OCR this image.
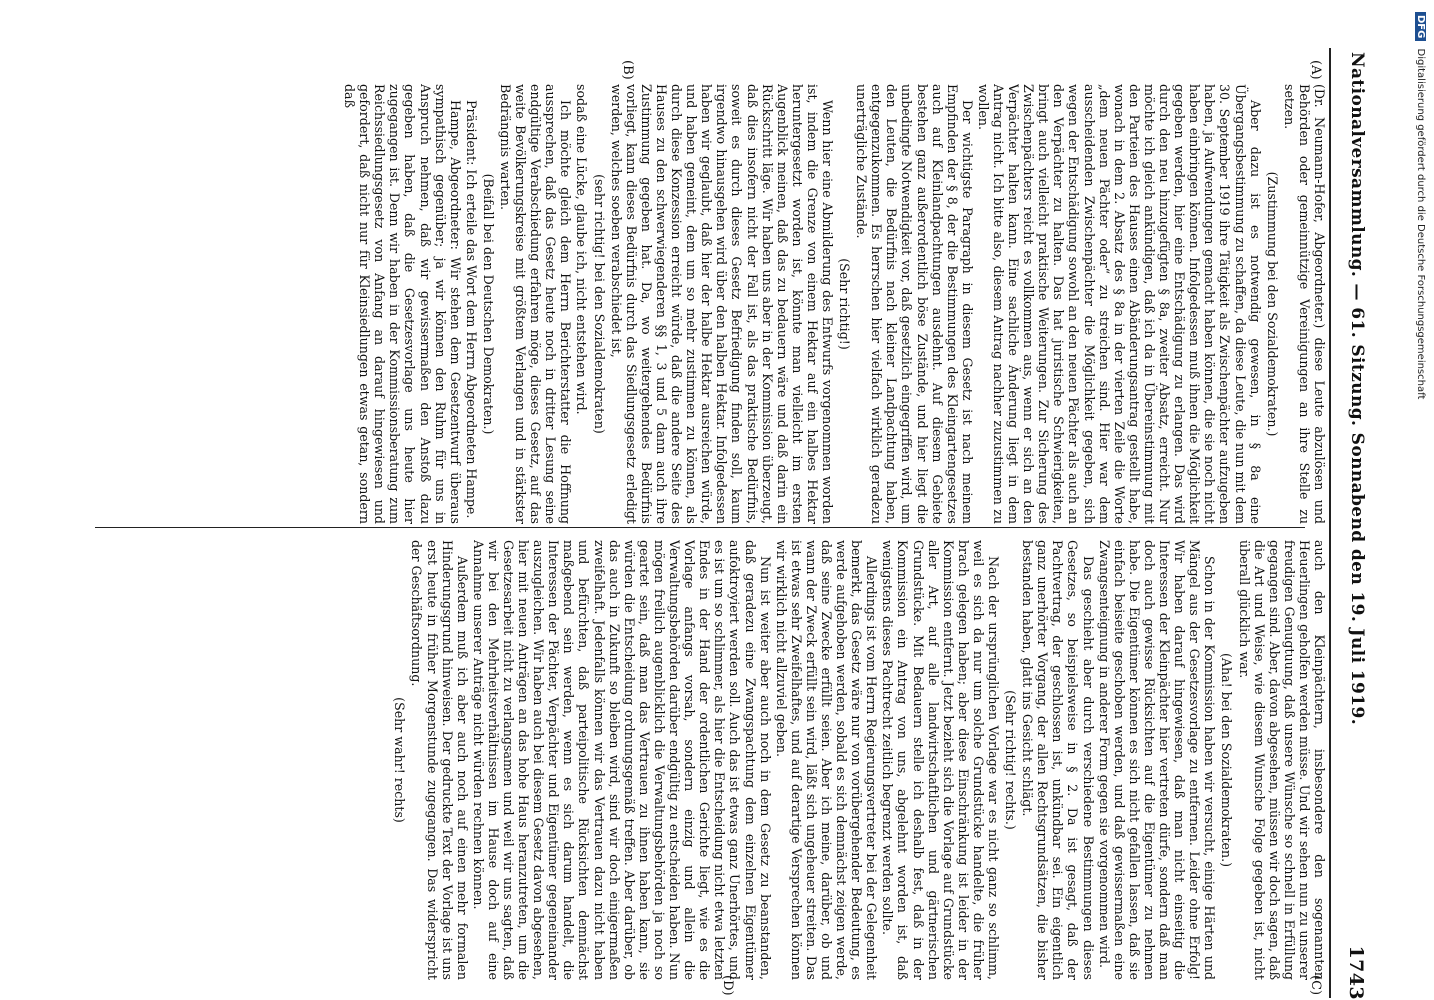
Nationalversammlung. — 61. Sitzung. Sonnabend den 19. Juli 1919.
1743
(A)
(B)
(C)
(D)

(Dr. Neumann-Hofer, Abgeordneter.) diese Leute abzulösen und Behörden oder gemeinnützige Vereinigungen an ihre Stelle zu setzen.

(Zustimmung bei den Sozialdemokraten.)

Aber dazu ist es notwendig gewesen, in § 8a eine Übergangsbestimmung zu schaffen, da diese Leute, die nun mit dem 30. September 1919 ihre Tätigkeit als Zwischenpächter aufzugeben haben, ja Aufwendungen gemacht haben können, die sie noch nicht haben einbringen können. Infolgedessen muß ihnen die Möglichkeit gegeben werden, hier eine Entschädigung zu erlangen. Das wird durch den neu hinzugefügten § 8a, zweiter Absatz, erreicht. Nur möchte ich gleich ankündigen, daß ich da in Übereinstimmung mit den Parteien des Hauses einen Abänderungsantrag gestellt habe, wonach in dem 2. Absatz des § 8a in der vierten Zeile die Worte „dem neuen Pächter oder“ zu streichen sind. Hier war dem ausscheidenden Zwischenpächter die Möglichkeit gegeben, sich wegen der Entschädigung sowohl an den neuen Pächter als auch an den Verpächter zu halten. Das hat juristische Schwierigkeiten, bringt auch vielleicht praktische Weiterungen. Zur Sicherung des Zwischenpächters reicht es vollkommen aus, wenn er sich an den Verpächter halten kann. Eine sachliche Änderung liegt in dem Antrag nicht. Ich bitte also, diesem Antrag nachher zuzustimmen zu wollen.

Der wichtigste Paragraph in diesem Gesetz ist nach meinem Empfinden der § 8, der die Bestimmungen des Kleingartengesetzes auch auf Kleinlandpachtungen ausdehnt. Auf diesem Gebiete bestehen ganz außerordentlich böse Zustände, und hier liegt die unbedingte Notwendigkeit vor, daß gesetzlich eingegriffen wird, um den Leuten, die Bedürfnis nach kleiner Landpachtung haben, entgegenzukommen. Es herrschen hier vielfach wirklich geradezu unerträgliche Zustände.

(Sehr richtig!)

Wenn hier eine Abmilderung des Entwurfs vorgenommen worden ist, indem die Grenze von einem Hektar auf ein halbes Hektar heruntergesetzt worden ist, könnte man vielleicht im ersten Augenblick meinen, daß das zu bedauern wäre und daß darin ein Rückschritt läge. Wir haben uns aber in der Kommission überzeugt, daß dies insofern nicht der Fall ist, als das praktische Bedürfnis, soweit es durch dieses Gesetz Befriedigung finden soll, kaum irgendwo hinausgehen wird über den halben Hektar. Infolgedessen haben wir geglaubt, daß hier der halbe Hektar ausreichen würde, und haben gemeint, dem um so mehr zustimmen zu können, als durch diese Konzession erreicht würde, daß die andere Seite des Hauses zu den schwerwiegenderen §§ 1, 3 und 5 dann auch ihre Zustimmung gegeben hat. Da, wo weitergehendes Bedürfnis vorliegt, kann dieses Bedürfnis durch das Siedlungsgesetz erledigt werden, welches soeben verabschiedet ist,

(sehr richtig! bei den Sozialdemokraten)

sodaß eine Lücke, glaube ich, nicht entstehen wird.

Ich möchte gleich dem Herrn Berichterstatter die Hoffnung aussprechen, daß das Gesetz heute noch in dritter Lesung seine endgültige Verabschiedung erfahren möge, dieses Gesetz, auf das weite Bevölkerungskreise mit größtem Verlangen und in stärkster Bedrängnis warten.

(Beifall bei den Deutschen Demokraten.)

Präsident: Ich erteile das Wort dem Herrn Abgeordneten Hampe.

Hampe, Abgeordneter: Wir stehen dem Gesetzentwurf überaus sympathisch gegenüber; ja wir können den Ruhm für uns in Anspruch nehmen, daß wir gewissermaßen den Anstoß dazu gegeben haben, daß die Gesetzesvorlage uns heute hier zugegangen ist. Denn wir haben in der Kommissionsberatung zum Reichssiedlungsgesetz von Anfang an darauf hingewiesen und gefordert, daß nicht nur für Kleinsiedlungen etwas getan, sondern daß

auch den Kleinpächtern, insbesondere den sogenannten Heuerlingen geholfen werden müsse. Und wir sehen nun zu unserer freudigen Genugtuung, daß unsere Wünsche so schnell in Erfüllung gegangen sind. Aber, davon abgesehen, müssen wir doch sagen, daß die Art und Weise, wie diesem Wunsche Folge gegeben ist, nicht überall glücklich war.

(Aha! bei den Sozialdemokraten.)

Schon in der Kommission haben wir versucht, einige Härten und Mängel aus der Gesetzesvorlage zu entfernen. Leider ohne Erfolg! Wir haben darauf hingewiesen, daß man nicht einseitig die Interessen der Kleinpächter hier vertreten dürfe, sondern daß man doch auch gewisse Rücksichten auf die Eigentümer zu nehmen habe. Die Eigentümer können es sich nicht gefallen lassen, daß sie einfach beiseite geschoben werden, und daß gewissermaßen eine Zwangsenteignung in anderer Form gegen sie vorgenommen wird.

Das geschieht aber durch verschiedene Bestimmungen dieses Gesetzes, so beispielsweise in § 2. Da ist gesagt, daß der Pachtvertrag, der geschlossen ist, unkündbar sei. Ein eigentlich ganz unerhörter Vorgang, der allen Rechtsgrundsätzen, die bisher bestanden haben, glatt ins Gesicht schlägt.

(Sehr richtig! rechts.)

Nach der ursprünglichen Vorlage war es nicht ganz so schlimm, weil es sich da nur um solche Grundstücke handelte, die früher brach gelegen haben; aber diese Einschränkung ist leider in der Kommission entfernt. Jetzt bezieht sich die Vorlage auf Grundstücke aller Art, auf alle landwirtschaftlichen und gärtnerischen Grundstücke. Mit Bedauern stelle ich deshalb fest, daß in der Kommission ein Antrag von uns, abgelehnt worden ist, daß wenigstens dieses Pachtrecht zeitlich begrenzt werden sollte.

Allerdings ist vom Herrn Regierungsvertreter bei der Gelegenheit bemerkt, das Gesetz wäre nur von vorübergehender Bedeutung, es werde aufgehoben werden, sobald es sich demnächst zeigen werde, daß seine Zwecke erfüllt seien. Aber ich meine, darüber, ob und wann der Zweck erfüllt sein wird, läßt sich ungeheuer streiten. Das ist etwas sehr Zweifelhaftes, und auf derartige Versprechen können wir wirklich nicht allzuviel geben.

Nun ist weiter aber auch noch in dem Gesetz zu beanstanden, daß geradezu eine Zwangspachtung dem einzelnen Eigentümer aufoktroyiert werden soll. Auch das ist etwas ganz Unerhörtes, und es ist um so schlimmer, als hier die Entscheidung nicht etwa letzten Endes in der Hand der ordentlichen Gerichte liegt, wie es die Vorlage anfangs vorsah, sondern einzig und allein die Verwaltungsbehörden darüber endgültig zu entscheiden haben. Nun mögen freilich augenblicklich die Verwaltungsbehörden ja noch so geartet sein, daß man das Vertrauen zu ihnen haben kann, sie würden die Entscheidung ordnungsgemäß treffen. Aber darüber, ob das auch in Zukunft so bleiben wird, sind wir doch einigermaßen zweifelhaft. Jedenfalls können wir das Vertrauen dazu nicht haben und befürchten, daß parteipolitische Rücksichten demnächst maßgebend sein werden, wenn es sich darum handelt, die Interessen der Pächter, Verpächter und Eigentümer gegeneinander auszugleichen. Wir haben auch bei diesem Gesetz davon abgesehen, hier mit neuen Anträgen an das hohe Haus heranzutreten, um die Gesetzesarbeit nicht zu verlangsamen und weil wir uns sagten, daß wir bei den Mehrheitsverhältnissen im Hause doch auf eine Annahme unserer Anträge nicht würden rechnen können.

Außerdem muß ich aber auch noch auf einen mehr formalen Hinderungsgrund hinweisen. Der gedruckte Text der Vorlage ist uns erst heute in früher Morgenstunde zugegangen. Das widerspricht der Geschäftsordnung.

(Sehr wahr! rechts)

DFG Digitalisierung gefördert durch die Deutsche Forschungsgemeinschaft
